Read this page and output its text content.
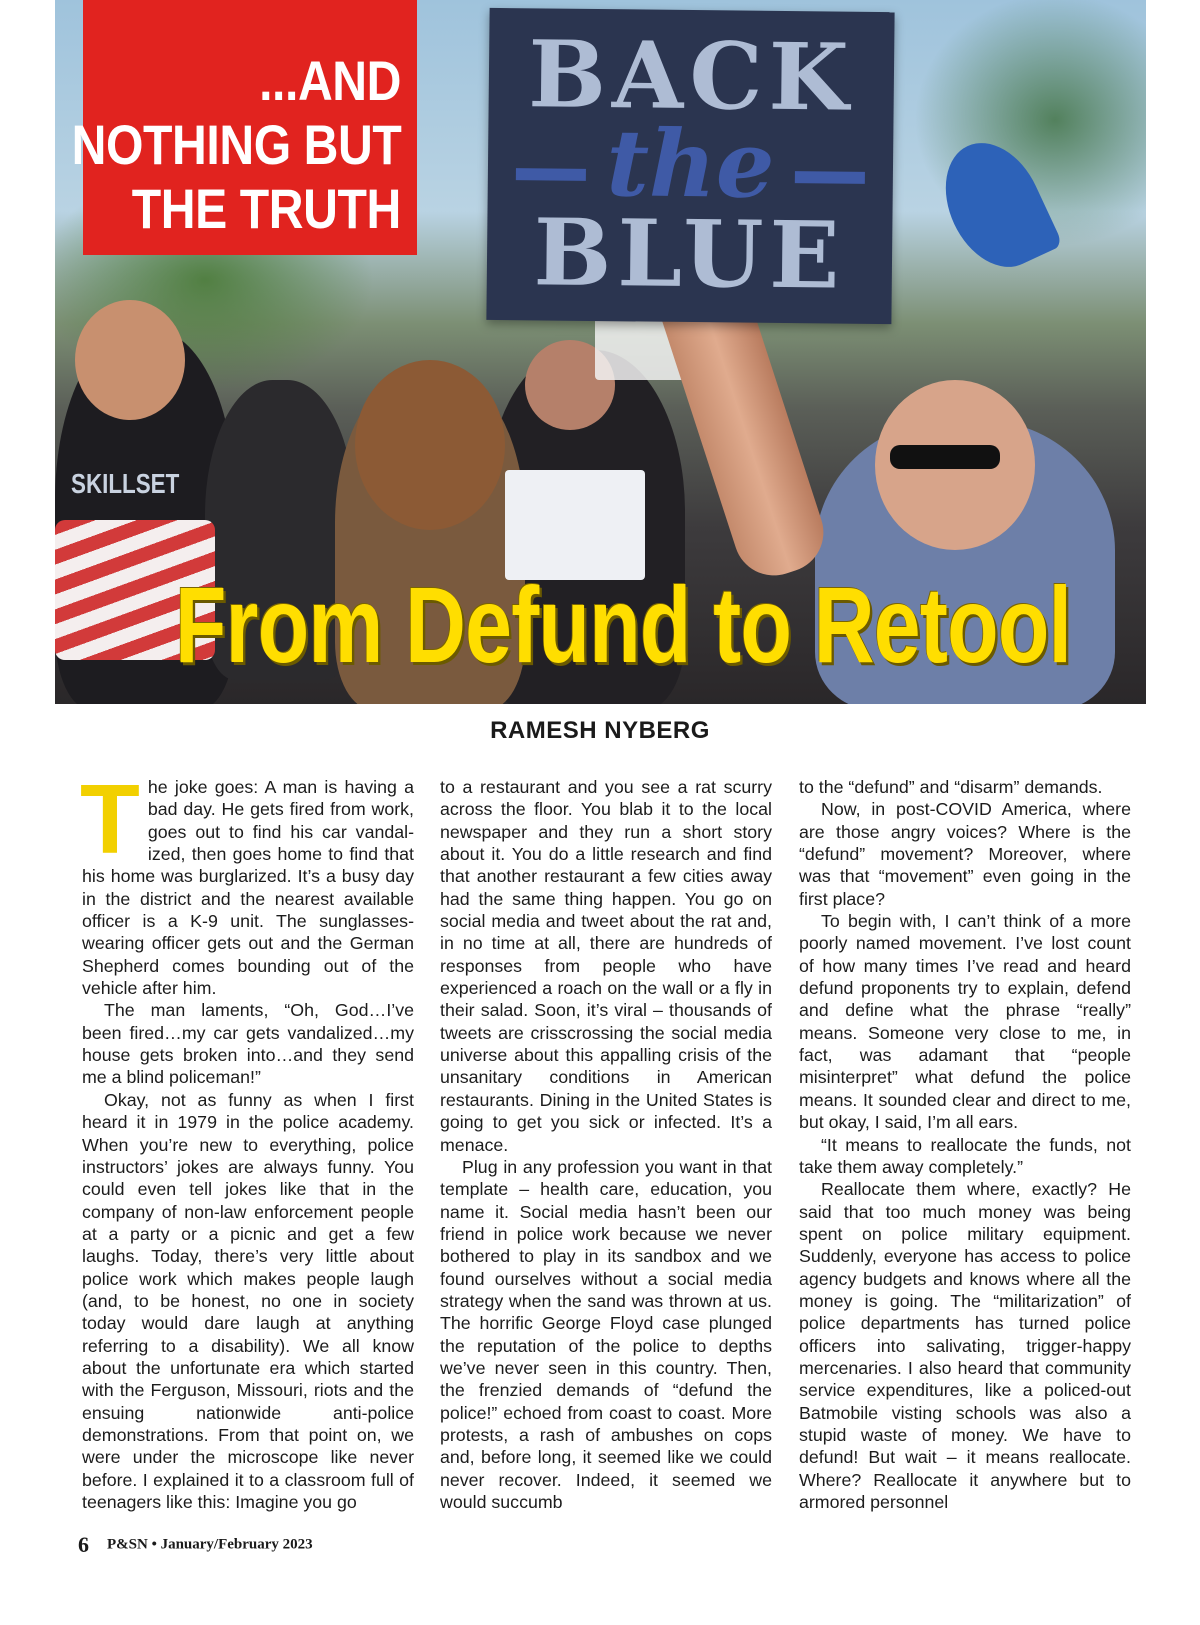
BACK
the
BLUE
...AND
NOTHING BUT
THE TRUTH
SKILLSET
From Defund to Retool
RAMESH NYBERG
T he joke goes: A man is having a bad day. He gets fired from work, goes out to find his car vandalized, then goes home to find that his home was burglarized. It’s a busy day in the district and the nearest available officer is a K-9 unit. The sunglasses-wearing officer gets out and the German Shepherd comes bounding out of the vehicle after him.

The man laments, “Oh, God…I’ve been fired…my car gets vandalized…my house gets broken into…and they send me a blind policeman!”

Okay, not as funny as when I first heard it in 1979 in the police academy. When you’re new to everything, police instructors’ jokes are always funny. You could even tell jokes like that in the company of non-law enforcement people at a party or a picnic and get a few laughs. Today, there’s very little about police work which makes people laugh (and, to be honest, no one in society today would dare laugh at anything referring to a disability). We all know about the unfortunate era which started with the Ferguson, Missouri, riots and the ensuing nationwide anti-police demonstrations. From that point on, we were under the microscope like never before. I explained it to a classroom full of teenagers like this: Imagine you go

to a restaurant and you see a rat scurry across the floor. You blab it to the local newspaper and they run a short story about it. You do a little research and find that another restaurant a few cities away had the same thing happen. You go on social media and tweet about the rat and, in no time at all, there are hundreds of responses from people who have experienced a roach on the wall or a fly in their salad. Soon, it’s viral – thousands of tweets are crisscrossing the social media universe about this appalling crisis of the unsanitary conditions in American restaurants. Dining in the United States is going to get you sick or infected. It’s a menace.

Plug in any profession you want in that template – health care, education, you name it. Social media hasn’t been our friend in police work because we never bothered to play in its sandbox and we found ourselves without a social media strategy when the sand was thrown at us. The horrific George Floyd case plunged the reputation of the police to depths we’ve never seen in this country. Then, the frenzied demands of “defund the police!” echoed from coast to coast. More protests, a rash of ambushes on cops and, before long, it seemed like we could never recover. Indeed, it seemed we would succumb

to the “defund” and “disarm” demands.

Now, in post-COVID America, where are those angry voices? Where is the “defund” movement? Moreover, where was that “movement” even going in the first place?

To begin with, I can’t think of a more poorly named movement. I’ve lost count of how many times I’ve read and heard defund proponents try to explain, defend and define what the phrase “really” means. Someone very close to me, in fact, was adamant that “people misinterpret” what defund the police means. It sounded clear and direct to me, but okay, I said, I’m all ears.

“It means to reallocate the funds, not take them away completely.”

Reallocate them where, exactly? He said that too much money was being spent on police military equipment. Suddenly, everyone has access to police agency budgets and knows where all the money is going. The “militarization” of police departments has turned police officers into salivating, trigger-happy mercenaries. I also heard that community service expenditures, like a policed-out Batmobile visting schools was also a stupid waste of money. We have to defund! But wait – it means reallocate. Where? Reallocate it anywhere but to armored personnel

6 P&SN • January/February 2023
